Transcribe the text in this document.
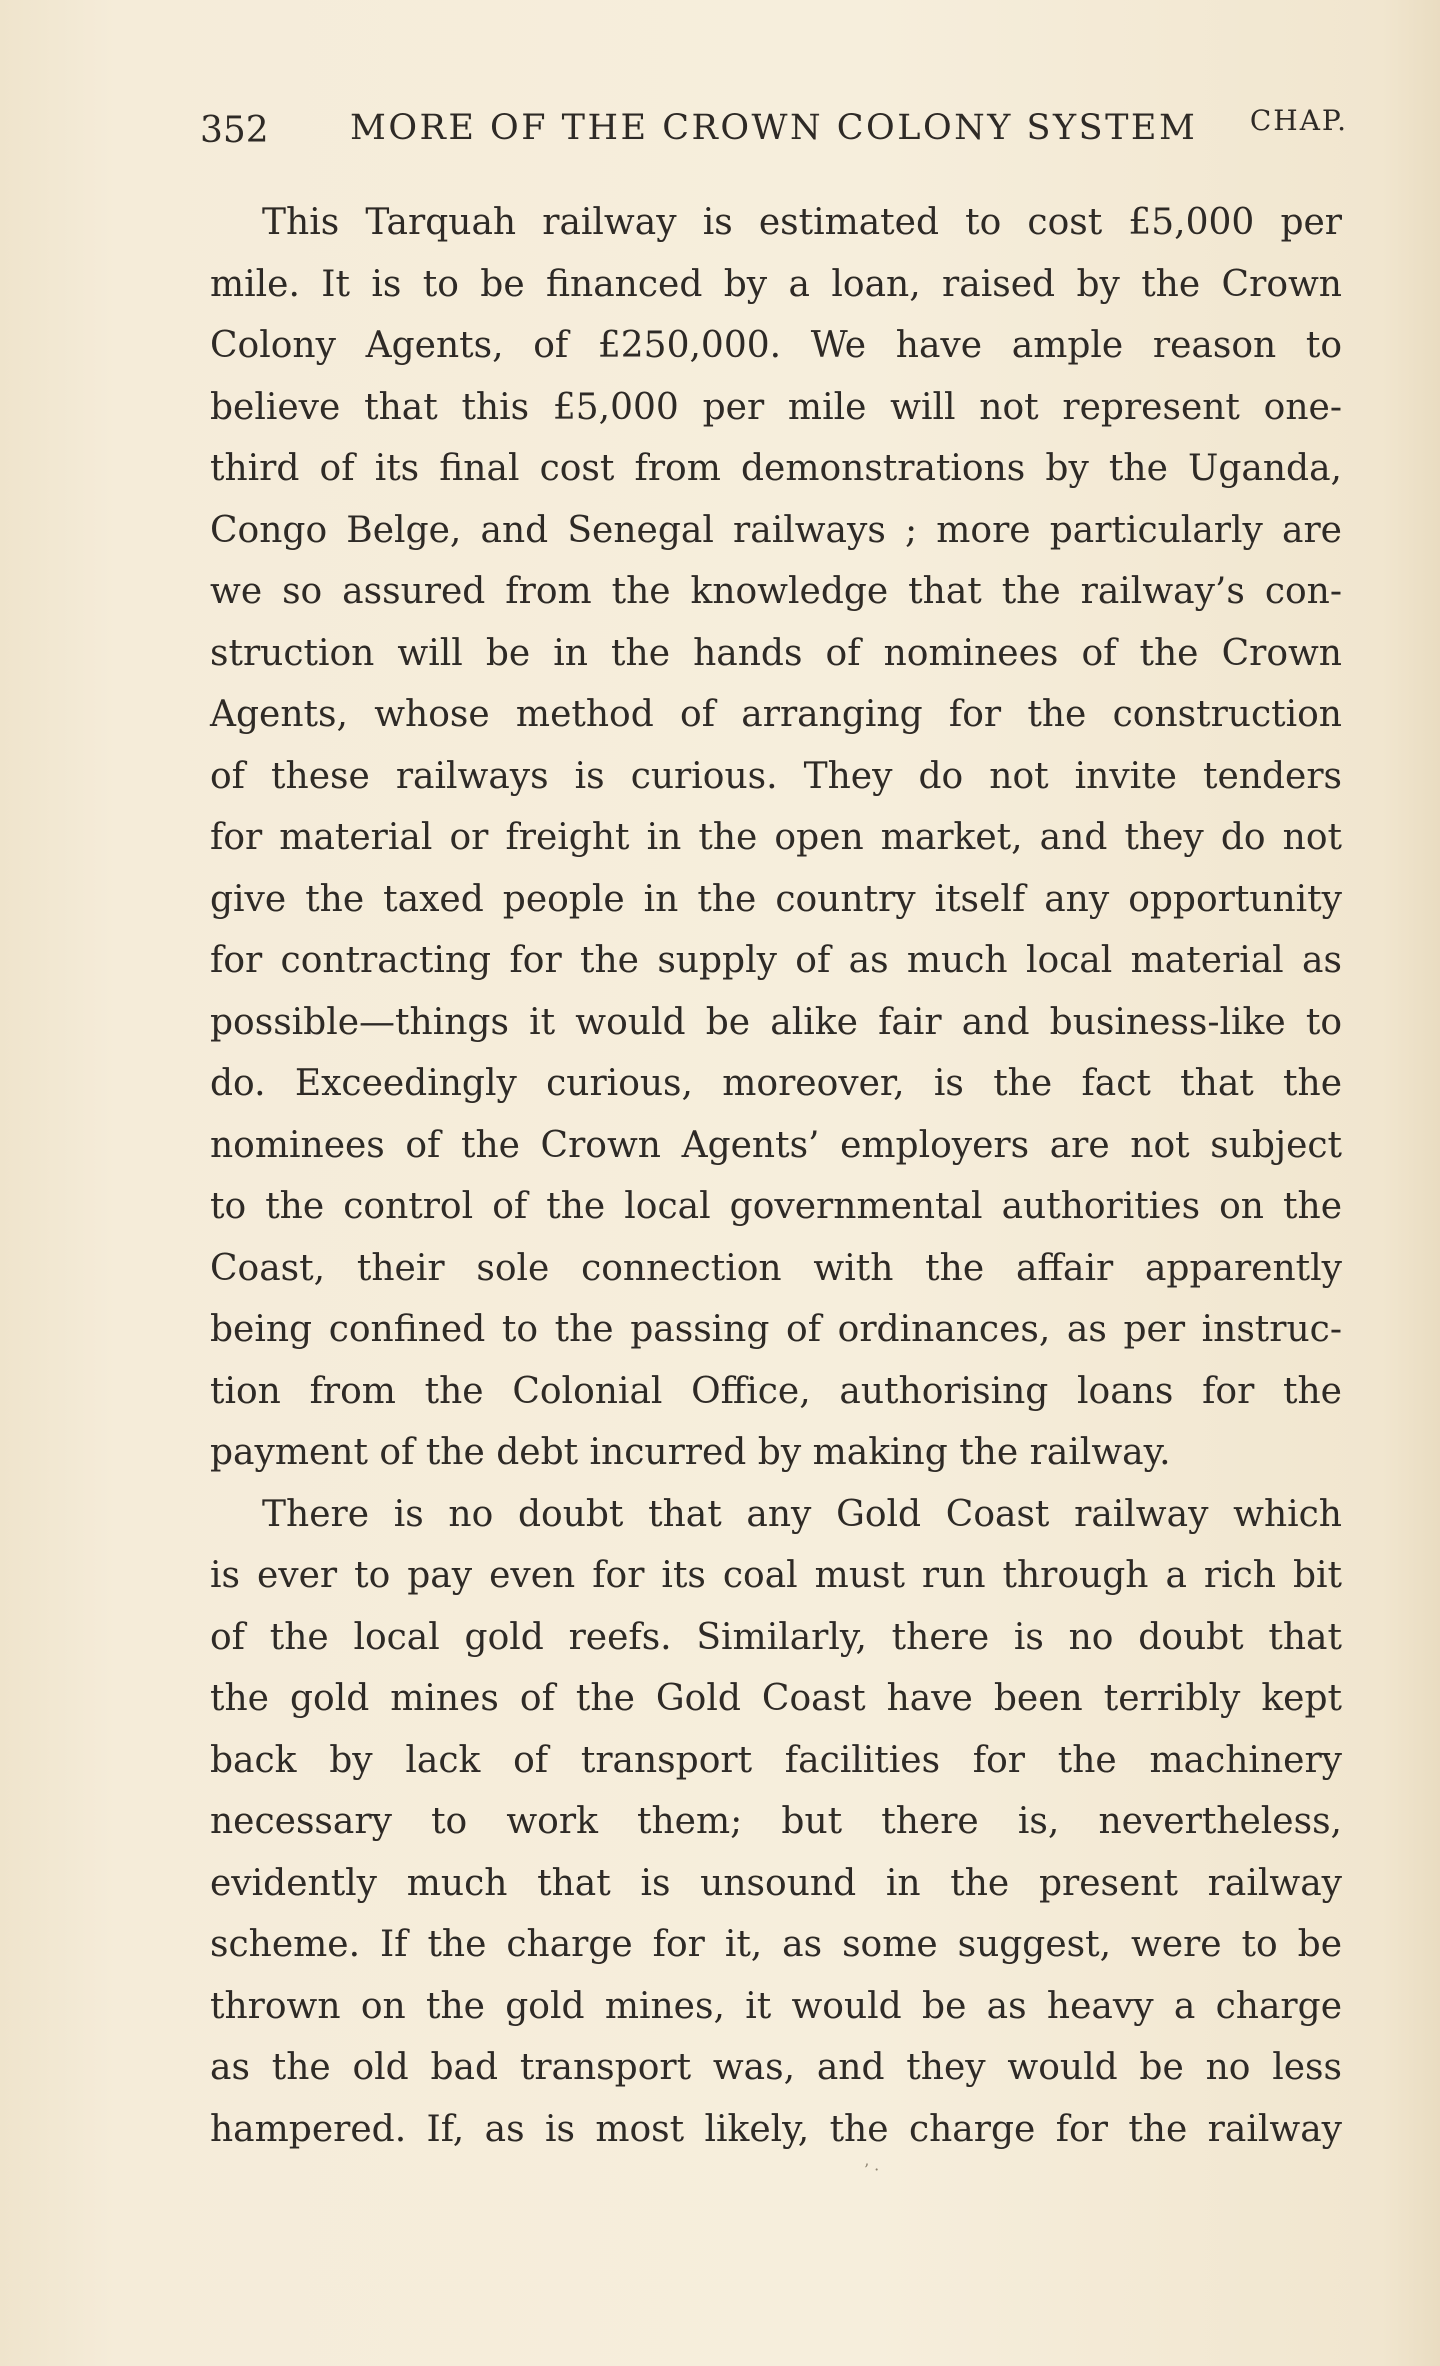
352 MORE OF THE CROWN COLONY SYSTEM CHAP.

This Tarquah railway is estimated to cost £5,000 per
mile. It is to be financed by a loan, raised by the Crown
Colony Agents, of £250,000. We have ample reason to
believe that this £5,000 per mile will not represent one-
third of its final cost from demonstrations by the Uganda,
Congo Belge, and Senegal railways ; more particularly are
we so assured from the knowledge that the railway’s con-
struction will be in the hands of nominees of the Crown
Agents, whose method of arranging for the construction
of these railways is curious. They do not invite tenders
for material or freight in the open market, and they do not
give the taxed people in the country itself any opportunity
for contracting for the supply of as much local material as
possible—things it would be alike fair and business-like to
do. Exceedingly curious, moreover, is the fact that the
nominees of the Crown Agents’ employers are not subject
to the control of the local governmental authorities on the
Coast, their sole connection with the affair apparently
being confined to the passing of ordinances, as per instruc-
tion from the Colonial Office, authorising loans for the
payment of the debt incurred by making the railway.

There is no doubt that any Gold Coast railway which
is ever to pay even for its coal must run through a rich bit
of the local gold reefs. Similarly, there is no doubt that
the gold mines of the Gold Coast have been terribly kept
back by lack of transport facilities for the machinery
necessary to work them; but there is, nevertheless,
evidently much that is unsound in the present railway
scheme. If the charge for it, as some suggest, were to be
thrown on the gold mines, it would be as heavy a charge
as the old bad transport was, and they would be no less
hampered. If, as is most likely, the charge for the railway

’ ·
